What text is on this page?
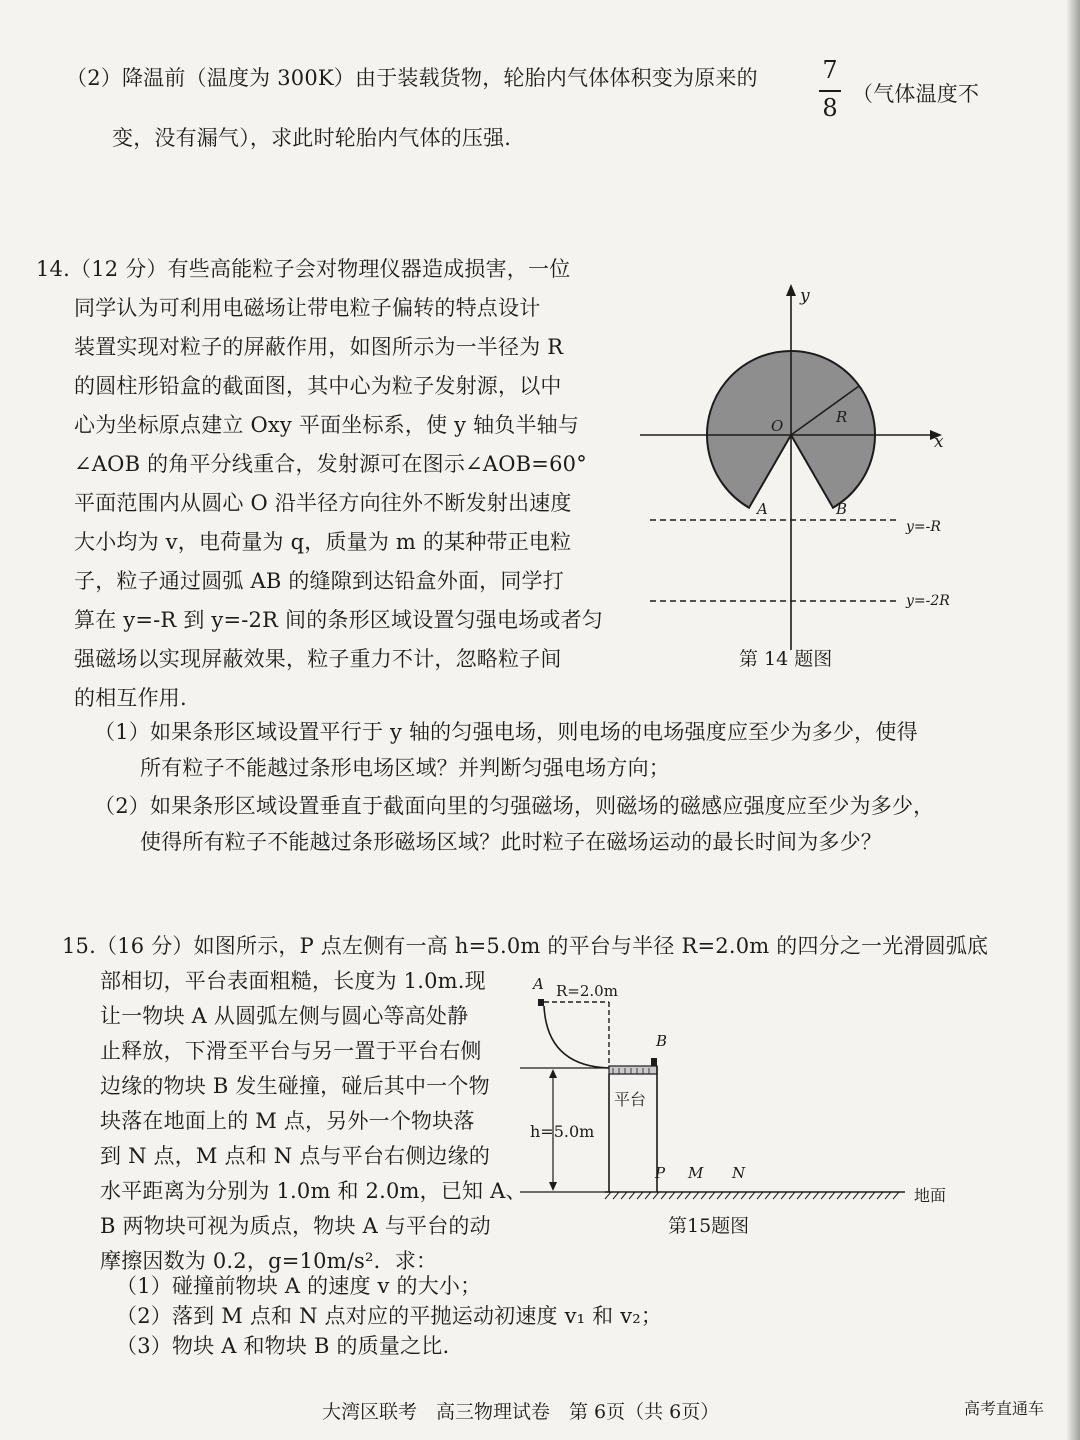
（2）降温前（温度为 300K）由于装载货物，轮胎内气体体积变为原来的	7
8 （气体温度不
变，没有漏气），求此时轮胎内气体的压强.
14.（12 分）有些高能粒子会对物理仪器造成损害，一位
同学认为可利用电磁场让带电粒子偏转的特点设计
装置实现对粒子的屏蔽作用，如图所示为一半径为 R
的圆柱形铅盒的截面图，其中心为粒子发射源，以中
心为坐标原点建立 Oxy 平面坐标系，使 y 轴负半轴与
∠AOB 的角平分线重合，发射源可在图示∠AOB=60°
平面范围内从圆心 O 沿半径方向往外不断发射出速度
大小均为 v，电荷量为 q，质量为 m 的某种带正电粒
子，粒子通过圆弧 AB 的缝隙到达铅盒外面，同学打
算在 y=-R 到 y=-2R 间的条形区域设置匀强电场或者匀
强磁场以实现屏蔽效果，粒子重力不计，忽略粒子间
的相互作用.
（1）如果条形区域设置平行于 y 轴的匀强电场，则电场的电场强度应至少为多少，使得
所有粒子不能越过条形电场区域？并判断匀强电场方向；
（2）如果条形区域设置垂直于截面向里的匀强磁场，则磁场的磁感应强度应至少为多少，
使得所有粒子不能越过条形磁场区域？此时粒子在磁场运动的最长时间为多少？
y
x
O	R
A	B
y=-R
y=-2R
第 14 题图
15.（16 分）如图所示，P 点左侧有一高 h=5.0m 的平台与半径 R=2.0m 的四分之一光滑圆弧底
部相切，平台表面粗糙，长度为 1.0m.现
让一物块 A 从圆弧左侧与圆心等高处静
止释放，下滑至平台与另一置于平台右侧
边缘的物块 B 发生碰撞，碰后其中一个物
块落在地面上的 M 点，另外一个物块落
到 N 点，M 点和 N 点与平台右侧边缘的
水平距离为分别为 1.0m 和 2.0m，已知 A、
B 两物块可视为质点，物块 A 与平台的动
摩擦因数为 0.2，g=10m/s²．求：
（1）碰撞前物块 A 的速度 v 的大小；
（2）落到 M 点和 N 点对应的平抛运动初速度 v₁ 和 v₂；
（3）物块 A 和物块 B 的质量之比.
A R=2.0m
B
平台
h=5.0m
P M N
地面
第15题图
大湾区联考　高三物理试卷　第 6页（共 6页）	高考直通车
